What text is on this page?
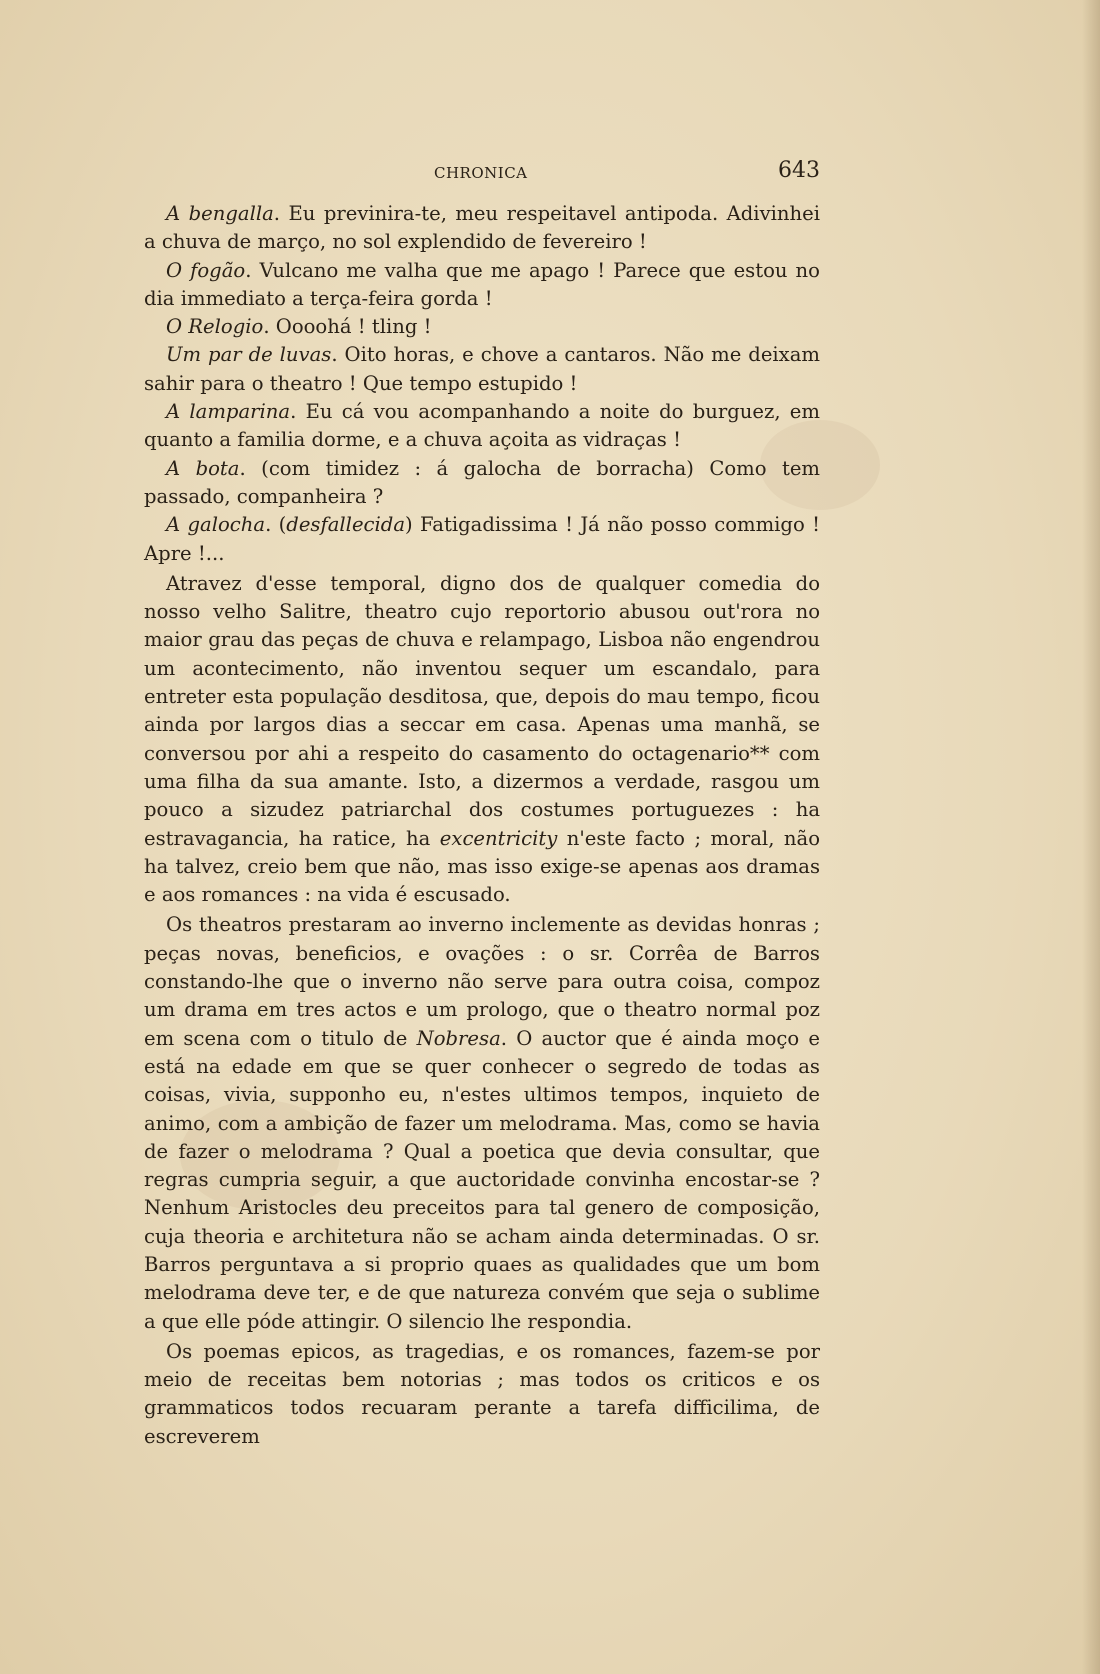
CHRONICA	643

A bengalla. Eu previnira-te, meu respeitavel antipoda. Adivinhei a chuva de março, no sol explendido de fevereiro !

O fogão. Vulcano me valha que me apago ! Parece que estou no dia immediato a terça-feira gorda !

O Relogio. Oooohá ! tling !

Um par de luvas. Oito horas, e chove a cantaros. Não me deixam sahir para o theatro ! Que tempo estupido !

A lamparina. Eu cá vou acompanhando a noite do burguez, em quanto a familia dorme, e a chuva açoita as vidraças !

A bota. (com timidez : á galocha de borracha) Como tem passado, companheira ?

A galocha. (desfallecida) Fatigadissima ! Já não posso commigo ! Apre !...

Atravez d'esse temporal, digno dos de qualquer comedia do nosso velho Salitre, theatro cujo reportorio abusou out'rora no maior grau das peças de chuva e relampago, Lisboa não engendrou um acontecimento, não inventou sequer um escandalo, para entreter esta população desditosa, que, depois do mau tempo, ficou ainda por largos dias a seccar em casa. Apenas uma manhã, se conversou por ahi a respeito do casamento do octagenario** com uma filha da sua amante. Isto, a dizermos a verdade, rasgou um pouco a sizudez patriarchal dos costumes portuguezes : ha estravagancia, ha ratice, ha excentricity n'este facto ; moral, não ha talvez, creio bem que não, mas isso exige-se apenas aos dramas e aos romances : na vida é escusado.

Os theatros prestaram ao inverno inclemente as devidas honras ; peças novas, beneficios, e ovações : o sr. Corrêa de Barros constando-lhe que o inverno não serve para outra coisa, compoz um drama em tres actos e um prologo, que o theatro normal poz em scena com o titulo de Nobresa. O auctor que é ainda moço e está na edade em que se quer conhecer o segredo de todas as coisas, vivia, supponho eu, n'estes ultimos tempos, inquieto de animo, com a ambição de fazer um melodrama. Mas, como se havia de fazer o melodrama ? Qual a poetica que devia consultar, que regras cumpria seguir, a que auctoridade convinha encostar-se ? Nenhum Aristocles deu preceitos para tal genero de composição, cuja theoria e architetura não se acham ainda determinadas. O sr. Barros perguntava a si proprio quaes as qualidades que um bom melodrama deve ter, e de que natureza convém que seja o sublime a que elle póde attingir. O silencio lhe respondia.

Os poemas epicos, as tragedias, e os romances, fazem-se por meio de receitas bem notorias ; mas todos os criticos e os grammaticos todos recuaram perante a tarefa difficilima, de escreverem
